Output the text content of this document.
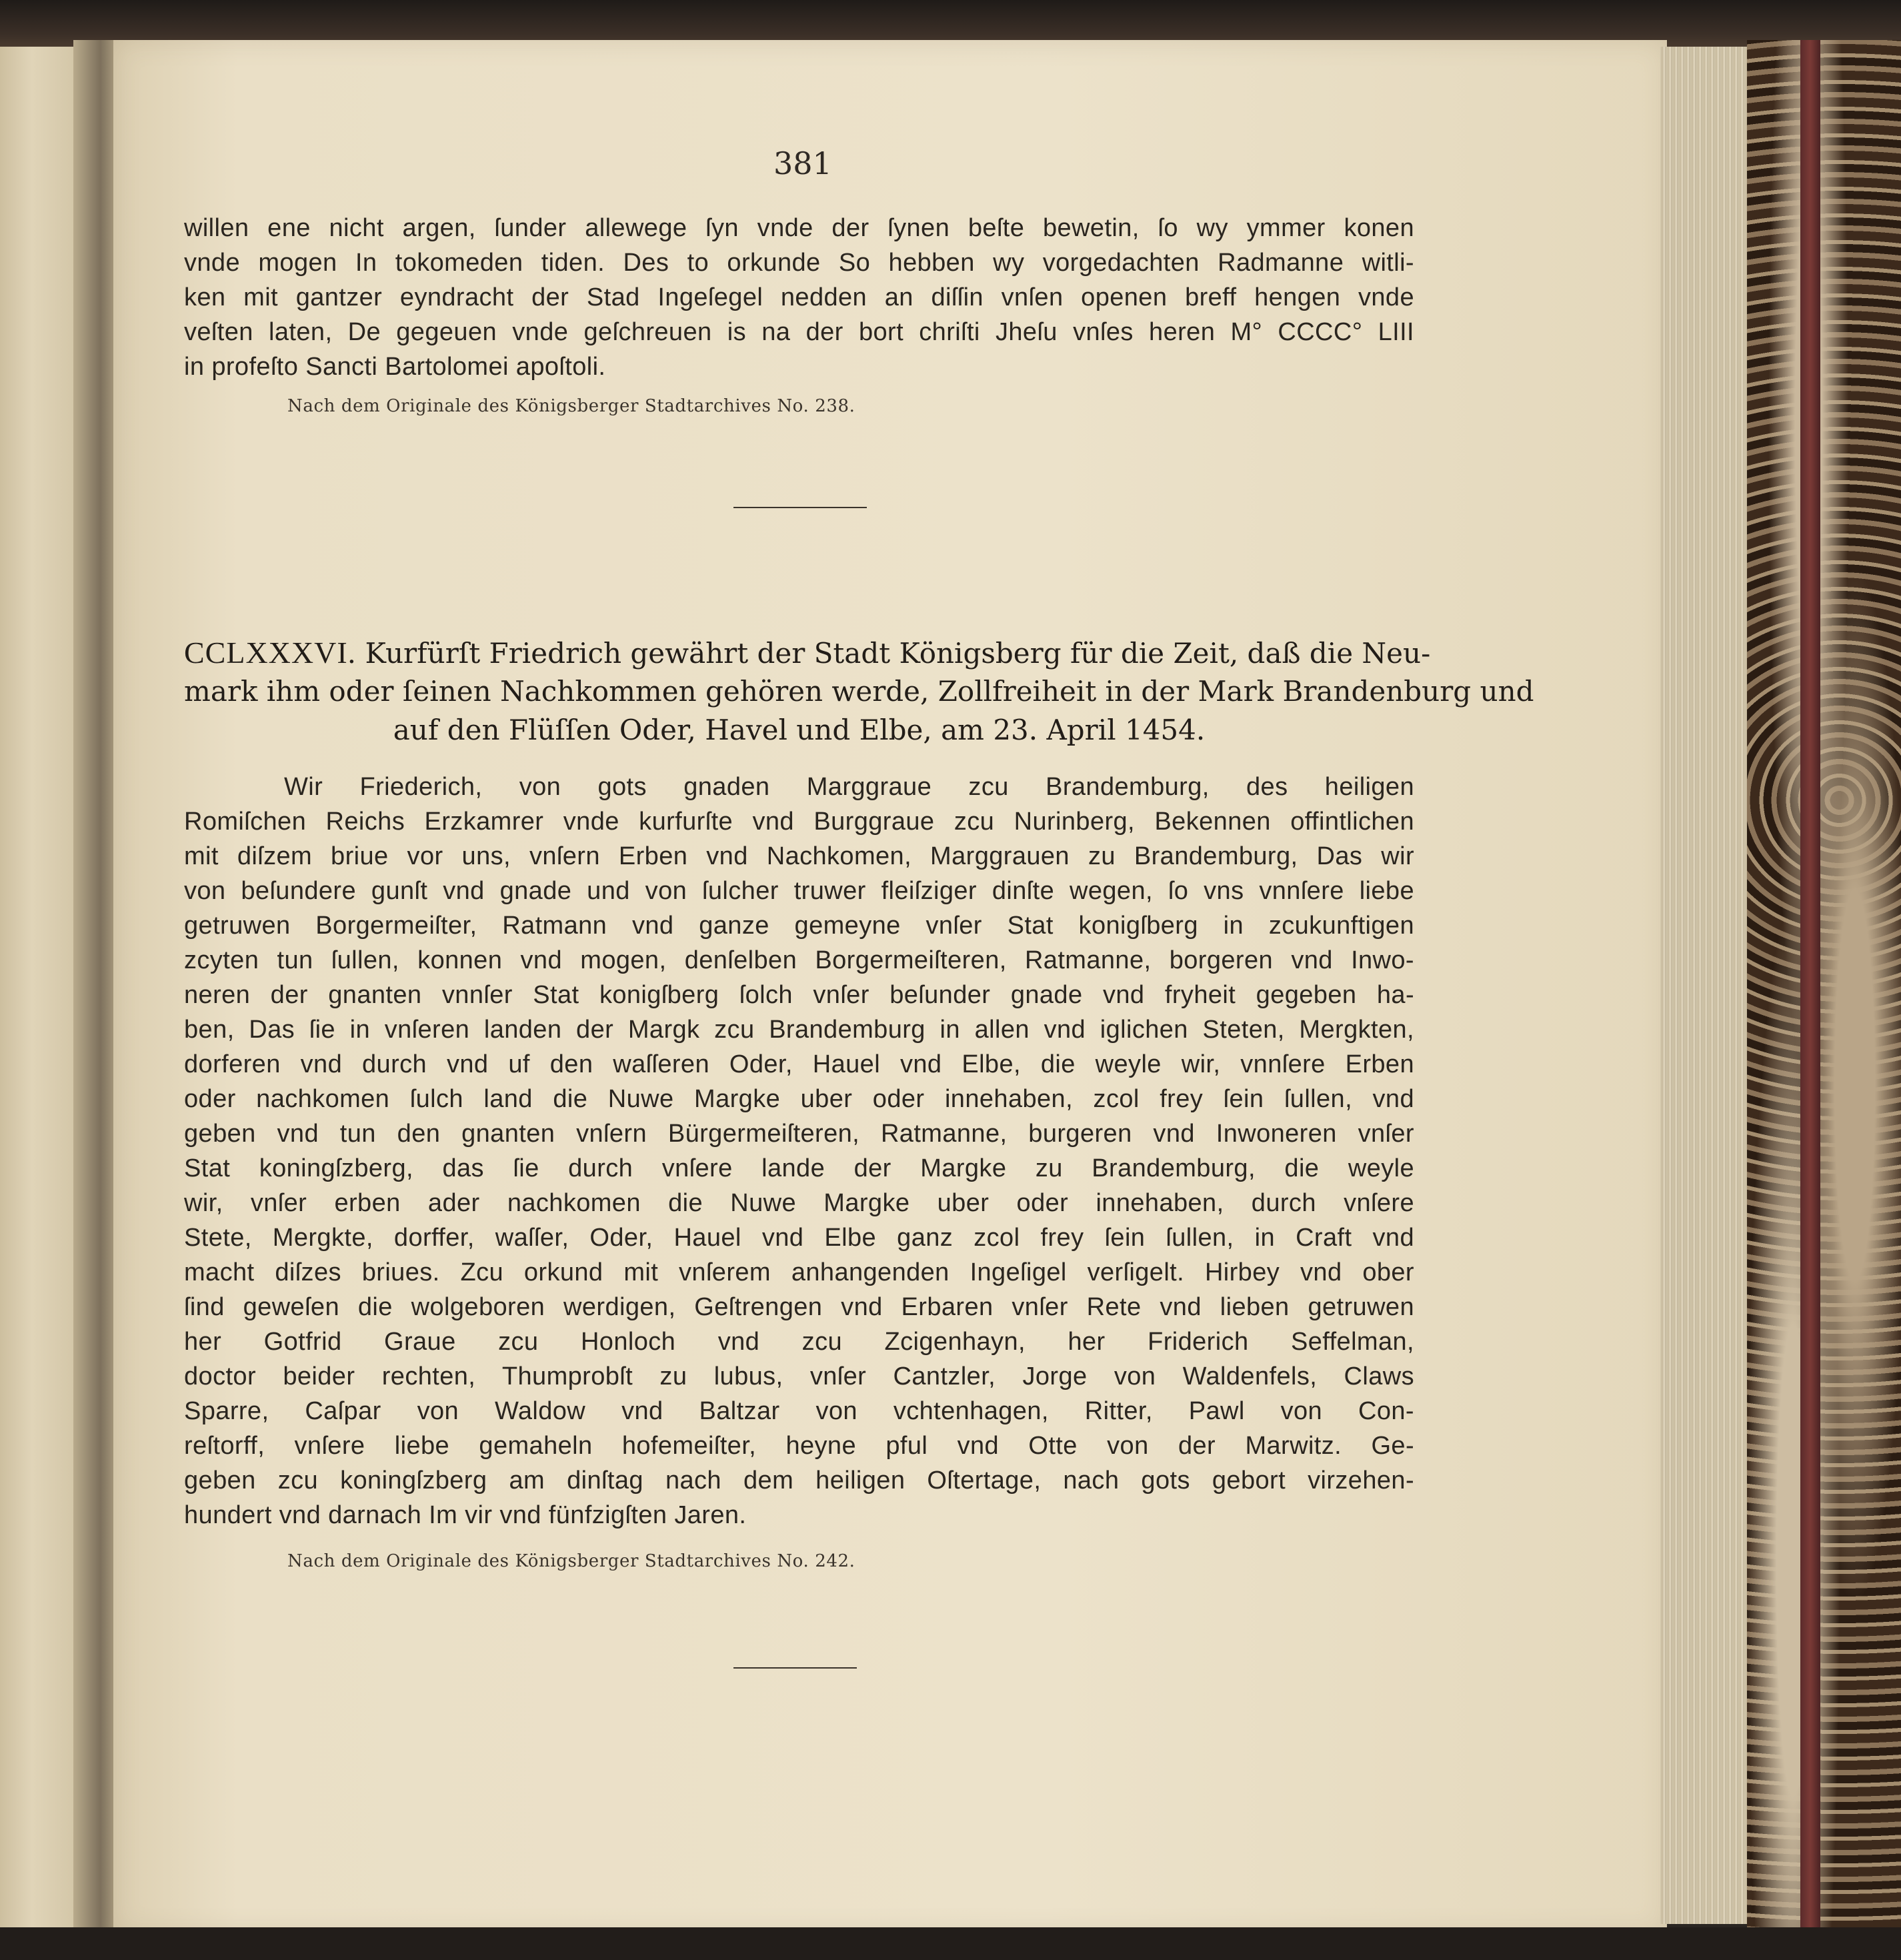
381
willen ene nicht argen, ſunder allewege ſyn vnde der ſynen beſte bewetin, ſo wy ymmer konen
vnde mogen In tokomeden tiden. Des to orkunde So hebben wy vorgedachten Radmanne witli-
ken mit gantzer eyndracht der Stad Ingeſegel nedden an diſſin vnſen openen breff hengen vnde
veſten laten, De gegeuen vnde geſchreuen is na der bort chriſti Jheſu vnſes heren M° CCCC° LIII
in profeſto Sancti Bartolomei apoſtoli.
Nach dem Originale des Königsberger Stadtarchives No. 238.
CCLXXXVI. Kurfürſt Friedrich gewährt der Stadt Königsberg für die Zeit, daß die Neu-
mark ihm oder ſeinen Nachkommen gehören werde, Zollfreiheit in der Mark Brandenburg und
auf den Flüſſen Oder, Havel und Elbe, am 23. April 1454.
Wir Friederich, von gots gnaden Marggraue zcu Brandemburg, des heiligen
Romiſchen Reichs Erzkamrer vnde kurfurſte vnd Burggraue zcu Nurinberg, Bekennen offintlichen
mit diſzem briue vor uns, vnſern Erben vnd Nachkomen, Marggrauen zu Brandemburg, Das wir
von beſundere gunſt vnd gnade und von ſulcher truwer fleiſziger dinſte wegen, ſo vns vnnſere liebe
getruwen Borgermeiſter, Ratmann vnd ganze gemeyne vnſer Stat konigſberg in zcukunftigen
zcyten tun ſullen, konnen vnd mogen, denſelben Borgermeiſteren, Ratmanne, borgeren vnd Inwo-
neren der gnanten vnnſer Stat konigſberg ſolch vnſer beſunder gnade vnd fryheit gegeben ha-
ben, Das ſie in vnſeren landen der Margk zcu Brandemburg in allen vnd iglichen Steten, Mergkten,
dorferen vnd durch vnd uf den waſſeren Oder, Hauel vnd Elbe, die weyle wir, vnnſere Erben
oder nachkomen ſulch land die Nuwe Margke uber oder innehaben, zcol frey ſein ſullen, vnd
geben vnd tun den gnanten vnſern Bürgermeiſteren, Ratmanne, burgeren vnd Inwoneren vnſer
Stat koningſzberg, das ſie durch vnſere lande der Margke zu Brandemburg, die weyle
wir, vnſer erben ader nachkomen die Nuwe Margke uber oder innehaben, durch vnſere
Stete, Mergkte, dorffer, waſſer, Oder, Hauel vnd Elbe ganz zcol frey ſein ſullen, in Craft vnd
macht diſzes briues. Zcu orkund mit vnſerem anhangenden Ingeſigel verſigelt. Hirbey vnd ober
ſind geweſen die wolgeboren werdigen, Geſtrengen vnd Erbaren vnſer Rete vnd lieben getruwen
her Gotfrid Graue zcu Honloch vnd zcu Zcigenhayn, her Friderich Seffelman,
doctor beider rechten, Thumprobſt zu lubus, vnſer Cantzler, Jorge von Waldenfels, Claws
Sparre, Caſpar von Waldow vnd Baltzar von vchtenhagen, Ritter, Pawl von Con-
reſtorff, vnſere liebe gemaheln hofemeiſter, heyne pful vnd Otte von der Marwitz. Ge-
geben zcu koningſzberg am dinſtag nach dem heiligen Oſtertage, nach gots gebort virzehen-
hundert vnd darnach Im vir vnd fünfzigſten Jaren.
Nach dem Originale des Königsberger Stadtarchives No. 242.
